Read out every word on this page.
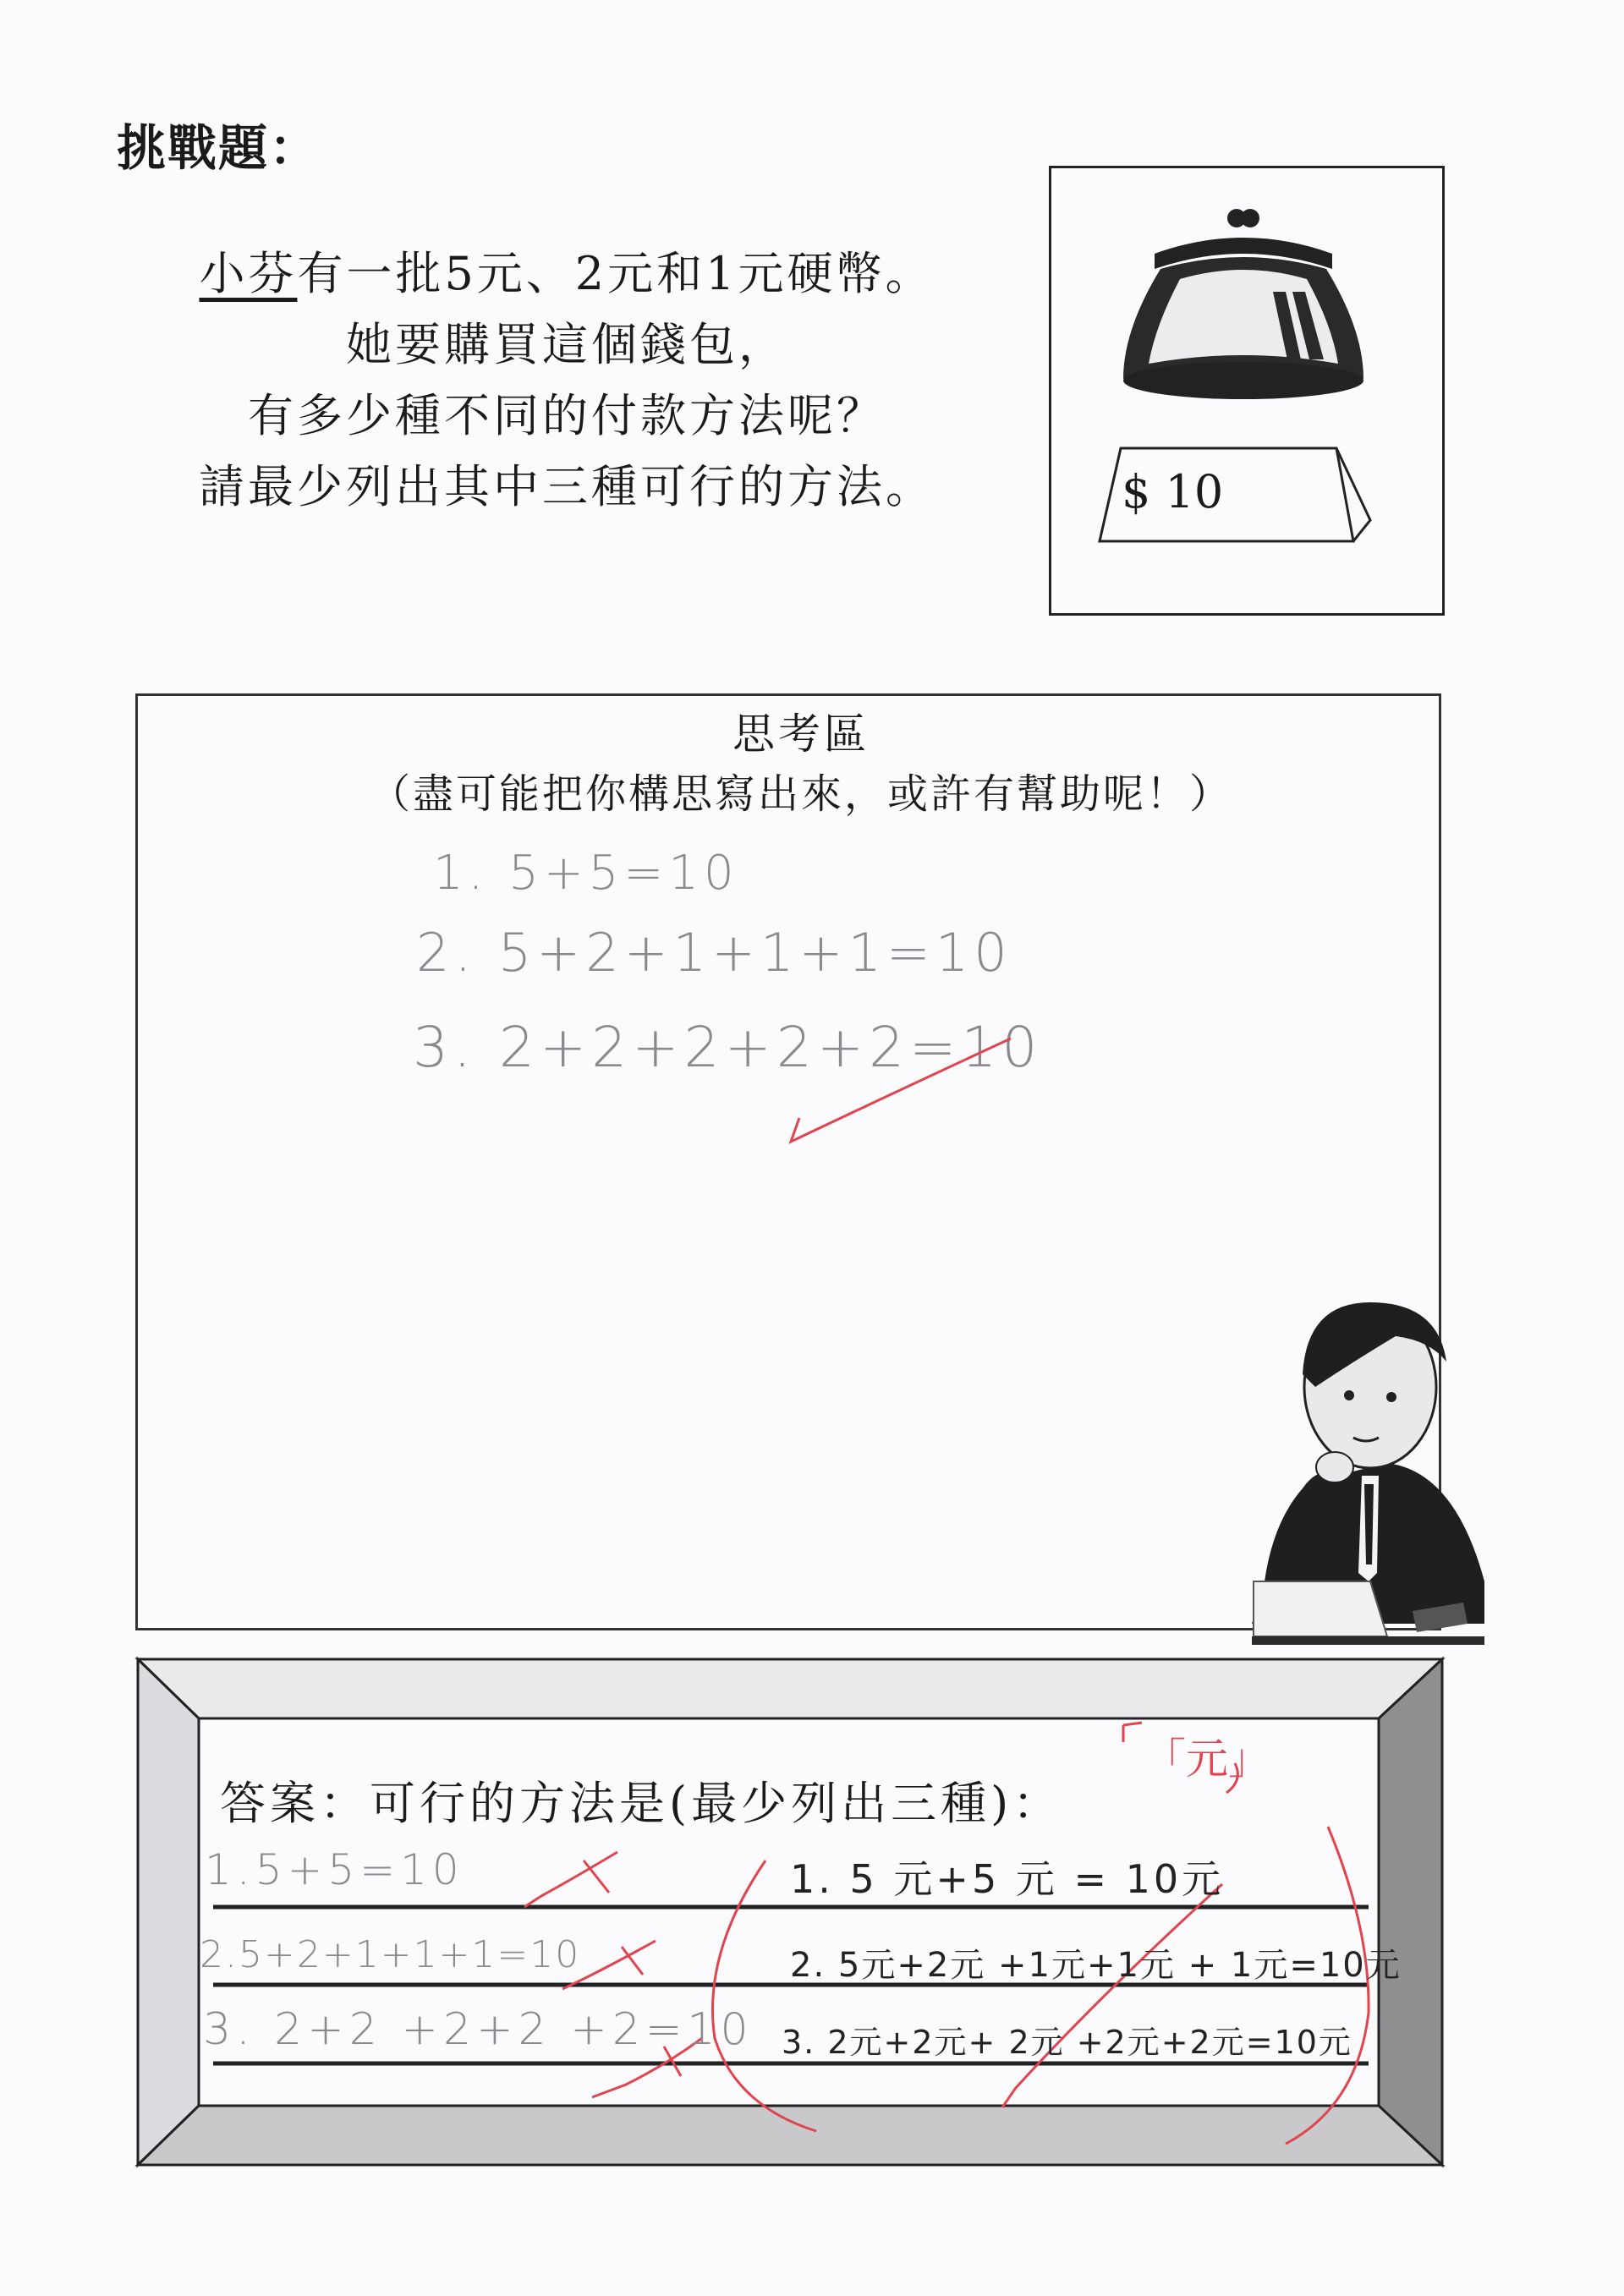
挑戰題：
小芬有一批5元、2元和1元硬幣。
她要購買這個錢包，
有多少種不同的付款方法呢？
請最少列出其中三種可行的方法。
思考區
（盡可能把你構思寫出來，或許有幫助呢！）
1. 5+5=10
2. 5+2+1+1+1=10
3. 2+2+2+2+2=10
「元」
$ 10
答案：可行的方法是(最少列出三種)：
1.5+5=10
2.5+2+1+1+1=10
3. 2+2 +2+2 +2=10
1. 5 元+5 元 = 10元
2. 5元+2元 +1元+1元 + 1元=10元
3. 2元+2元+ 2元 +2元+2元=10元
